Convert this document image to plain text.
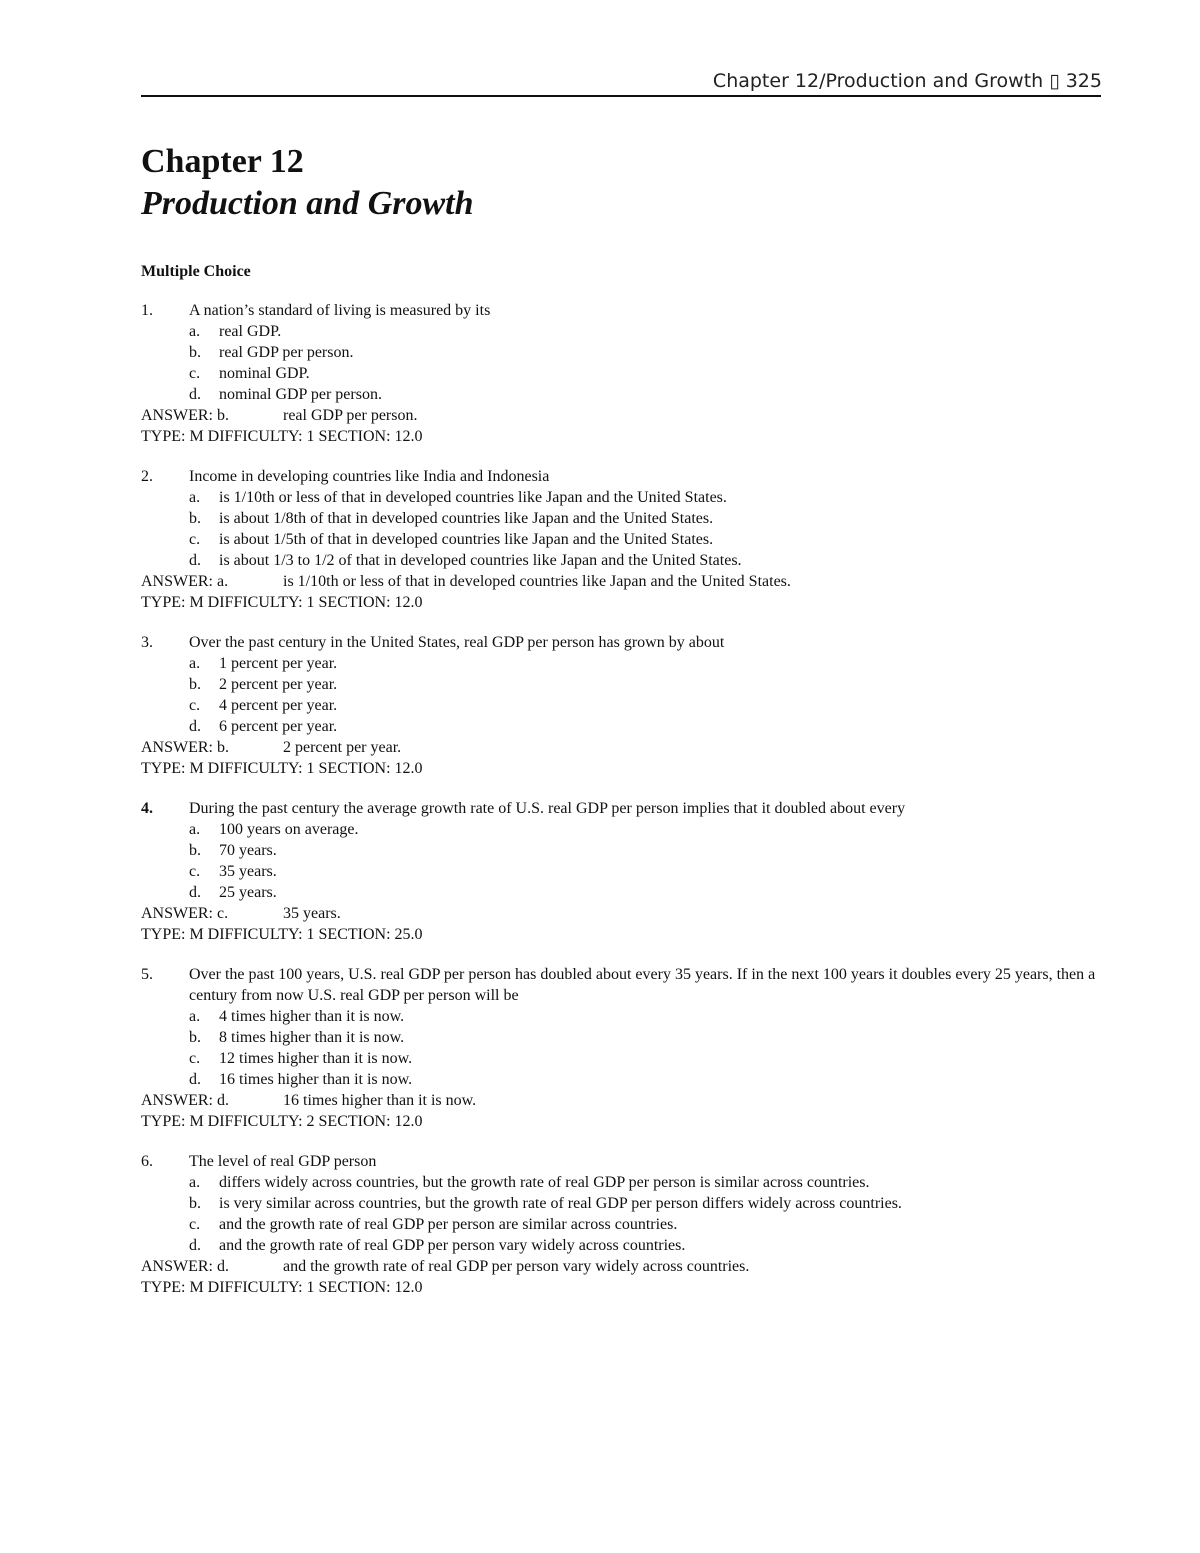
Chapter 12/Production and Growth ▯ 325
Chapter 12
Production and Growth
Multiple Choice
1.	A nation’s standard of living is measured by its
a.	real GDP.
b.	real GDP per person.
c.	nominal GDP.
d.	nominal GDP per person.
ANSWER: b.	real GDP per person.
TYPE: M DIFFICULTY: 1 SECTION: 12.0
2.	Income in developing countries like India and Indonesia
a.	is 1/10th or less of that in developed countries like Japan and the United States.
b.	is about 1/8th of that in developed countries like Japan and the United States.
c.	is about 1/5th of that in developed countries like Japan and the United States.
d.	is about 1/3 to 1/2 of that in developed countries like Japan and the United States.
ANSWER: a.	is 1/10th or less of that in developed countries like Japan and the United States.
TYPE: M DIFFICULTY: 1 SECTION: 12.0
3.	Over the past century in the United States, real GDP per person has grown by about
a.	1 percent per year.
b.	2 percent per year.
c.	4 percent per year.
d.	6 percent per year.
ANSWER: b.	2 percent per year.
TYPE: M DIFFICULTY: 1 SECTION: 12.0
4.	During the past century the average growth rate of U.S. real GDP per person implies that it doubled about every
a.	100 years on average.
b.	70 years.
c.	35 years.
d.	25 years.
ANSWER: c.	35 years.
TYPE: M DIFFICULTY: 1 SECTION: 25.0
5.	Over the past 100 years, U.S. real GDP per person has doubled about every 35 years. If in the next 100 years it doubles every 25 years, then a century from now U.S. real GDP per person will be
a.	4 times higher than it is now.
b.	8 times higher than it is now.
c.	12 times higher than it is now.
d.	16 times higher than it is now.
ANSWER: d.	16 times higher than it is now.
TYPE: M DIFFICULTY: 2 SECTION: 12.0
6.	The level of real GDP person
a.	differs widely across countries, but the growth rate of real GDP per person is similar across countries.
b.	is very similar across countries, but the growth rate of real GDP per person differs widely across countries.
c.	and the growth rate of real GDP per person are similar across countries.
d.	and the growth rate of real GDP per person vary widely across countries.
ANSWER: d.	and the growth rate of real GDP per person vary widely across countries.
TYPE: M DIFFICULTY: 1 SECTION: 12.0
